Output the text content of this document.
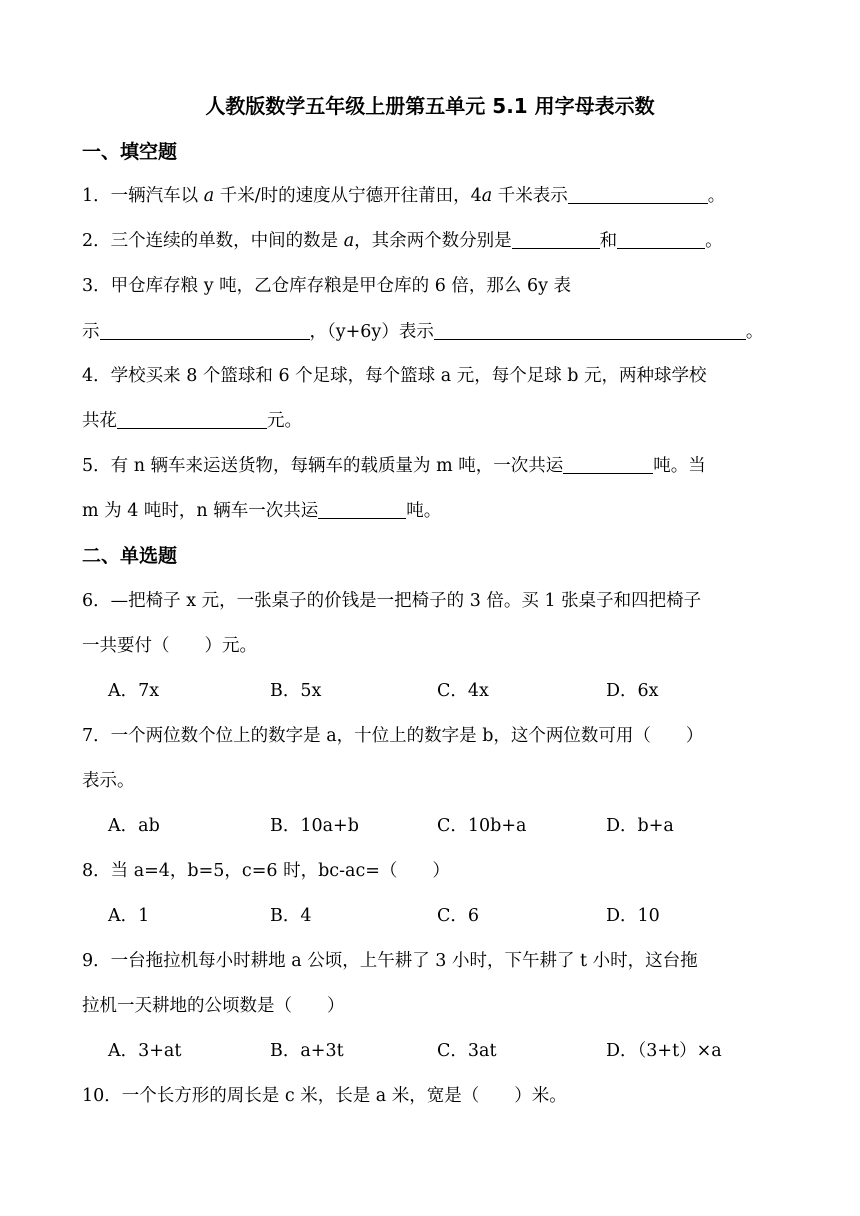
人教版数学五年级上册第五单元 5.1 用字母表示数
一、填空题
1．一辆汽车以 a 千米/时的速度从宁德开往莆田，4a 千米表示	。
2．三个连续的单数，中间的数是 a，其余两个数分别是	和	。
3．甲仓库存粮 y 吨，乙仓库存粮是甲仓库的 6 倍，那么 6y 表
示	，（y+6y）表示	。
4．学校买来 8 个篮球和 6 个足球，每个篮球 a 元，每个足球 b 元，两种球学校
共花	元。
5．有 n 辆车来运送货物，每辆车的载质量为 m 吨，一次共运	吨。当
m 为 4 吨时，n 辆车一次共运	吨。
二、单选题
6．—把椅子 x 元，一张桌子的价钱是一把椅子的 3 倍。买 1 张桌子和四把椅子
一共要付（　　）元。
A．7x	B．5x	C．4x	D．6x
7．一个两位数个位上的数字是 a，十位上的数字是 b，这个两位数可用（　　）
表示。
A．ab	B．10a+b	C．10b+a	D．b+a
8．当 a=4，b=5，c=6 时，bc-ac=（　　）
A．1	B．4	C．6	D．10
9．一台拖拉机每小时耕地 a 公顷，上午耕了 3 小时，下午耕了 t 小时，这台拖
拉机一天耕地的公顷数是（　　）
A．3+at	B．a+3t	C．3at	D．（3+t）×a
10．一个长方形的周长是 c 米，长是 a 米，宽是（　　）米。
